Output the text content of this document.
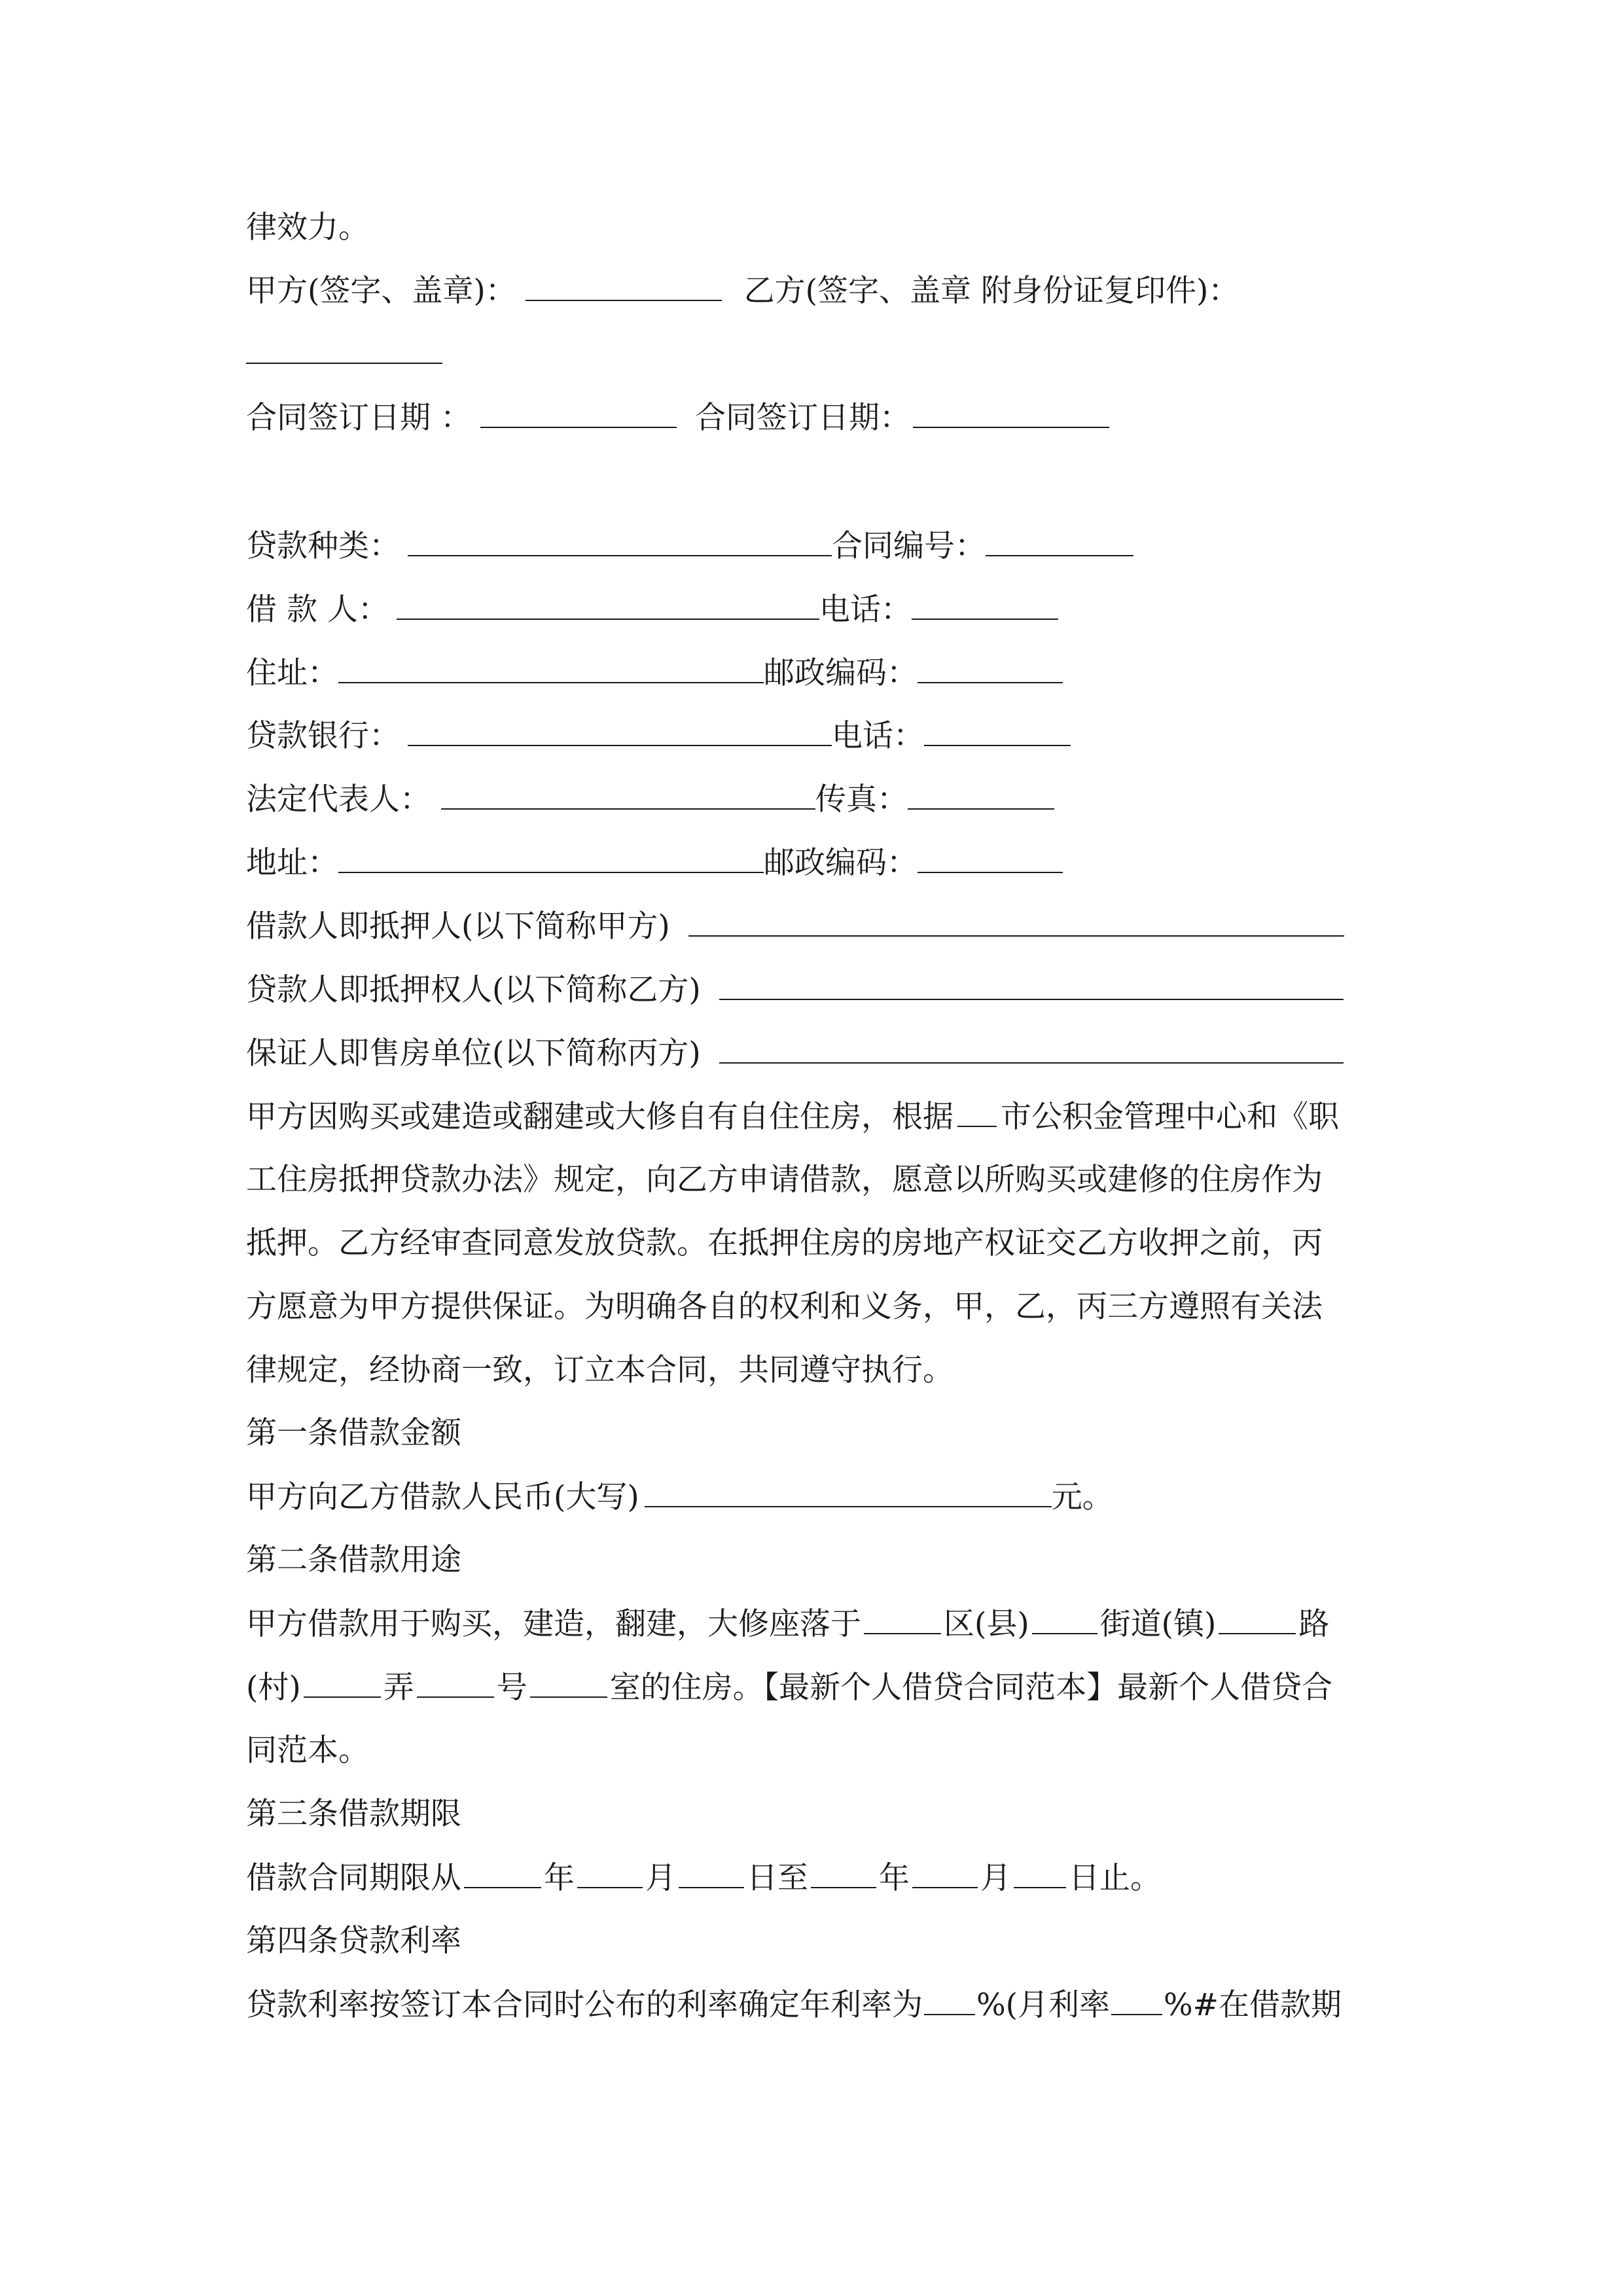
律效力。
甲方(签字、盖章)：	乙方(签字、盖章 附身份证复印件)：
合同签订日期 ：	合同签订日期：
贷款种类：	合同编号：
借 款 人：	电话：
住址：	邮政编码：
贷款银行：	电话：
法定代表人：	传真：
地址：	邮政编码：
借款人即抵押人(以下简称甲方)
贷款人即抵押权人(以下简称乙方)
保证人即售房单位(以下简称丙方)
甲方因购买或建造或翻建或大修自有自住住房，根据 市公积金管理中心和《职
工住房抵押贷款办法》规定，向乙方申请借款，愿意以所购买或建修的住房作为
抵押。乙方经审查同意发放贷款。在抵押住房的房地产权证交乙方收押之前，丙
方愿意为甲方提供保证。为明确各自的权利和义务，甲，乙，丙三方遵照有关法
律规定，经协商一致，订立本合同，共同遵守执行。
第一条借款金额
甲方向乙方借款人民币(大写)	元。
第二条借款用途
甲方借款用于购买，建造，翻建，大修座落于	区(县) 街道(镇)	路
(村)	弄	号	室的住房。【最新个人借贷合同范本】最新个人借贷合
同范本。
第三条借款期限
借款合同期限从	年 月 日至 年 月 日止。
第四条贷款利率
贷款利率按签订本合同时公布的利率确定年利率为 %(月利率 %#在借款期
